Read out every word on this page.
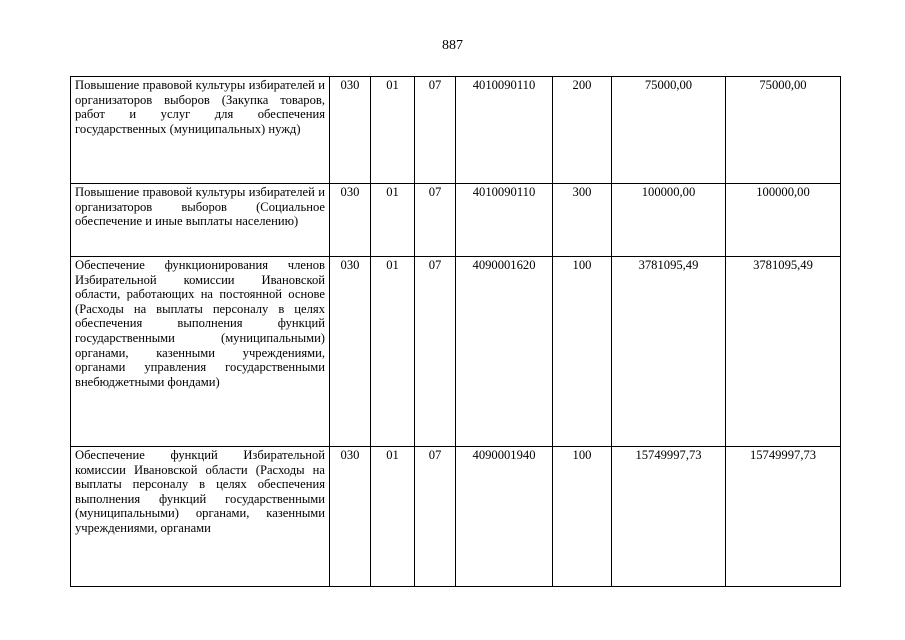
887
Повышение правовой культуры избирателей и организаторов выборов (Закупка товаров, работ и услуг для обеспечения государственных (муниципальных) нужд)	030	01	07	4010090110	200	75000,00	75000,00
Повышение правовой культуры избирателей и организаторов выборов (Социальное обеспечение и иные выплаты населению)	030	01	07	4010090110	300	100000,00	100000,00
Обеспечение функционирования членов Избирательной комиссии Ивановской области, работающих на постоянной основе (Расходы на выплаты персоналу в целях обеспечения выполнения функций государственными (муниципальными) органами, казенными учреждениями, органами управления государственными внебюджетными фондами)	030	01	07	4090001620	100	3781095,49	3781095,49
Обеспечение функций Избирательной комиссии Ивановской области (Расходы на выплаты персоналу в целях обеспечения выполнения функций государственными (муниципальными) органами, казенными учреждениями, органами	030	01	07	4090001940	100	15749997,73	15749997,73
